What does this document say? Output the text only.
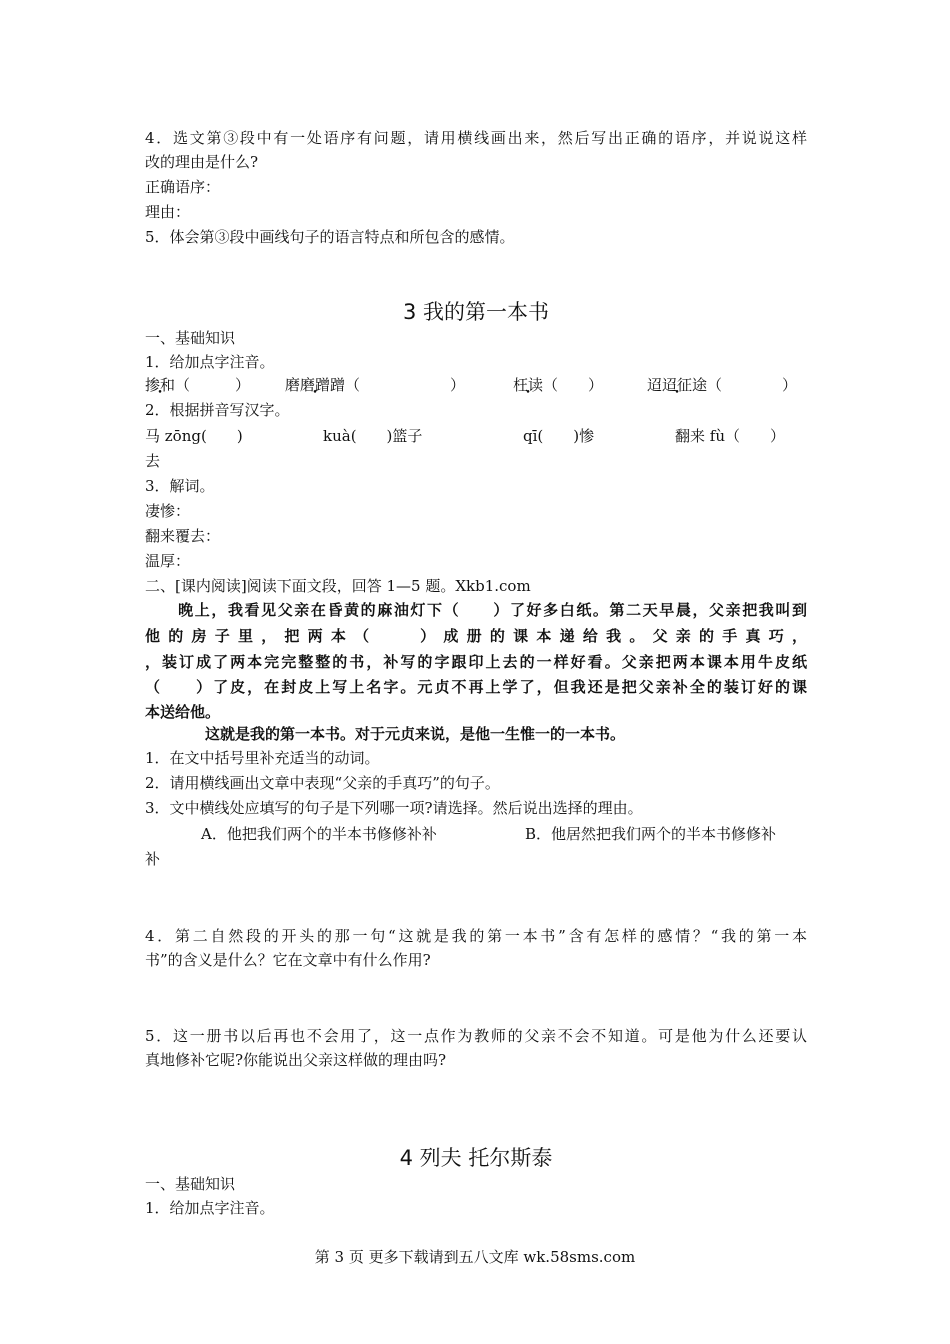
4．选文第③段中有一处语序有问题，请用横线画出来，然后写出正确的语序，并说说这样
改的理由是什么?
正确语序：
理由：
5．体会第③段中画线句子的语言特点和所包含的感情。
3 我的第一本书
一、基础知识
1．给加点字注音。
掺和（　　　） 磨磨蹭蹭（　　　　　　）	枉读（　　）	迢迢征途（　　　　）
2．根据拼音写汉字。
马 zōng(　　)	kuà(　　)篮子	qī(　　)惨	翻来 fù（　　）
去
3．解词。
凄惨：
翻来覆去：
温厚：
二、[课内阅读]阅读下面文段，回答 1—5 题。Xkb1.com
　　晚上，我看见父亲在昏黄的麻油灯下（　　）了好多白纸。第二天早晨，父亲把我叫到
他 的 房 子 里 ， 把 两 本 （　　　） 成 册 的 课 本 递 给 我 。 父 亲 的 手 真 巧 ，
，装订成了两本完完整整的书，补写的字跟印上去的一样好看。父亲把两本课本用牛皮纸
（　　）了皮，在封皮上写上名字。元贞不再上学了，但我还是把父亲补全的装订好的课
本送给他。
　　　　这就是我的第一本书。对于元贞来说，是他一生惟一的一本书。
1．在文中括号里补充适当的动词。
2．请用横线画出文章中表现“父亲的手真巧”的句子。
3．文中横线处应填写的句子是下列哪一项?请选择。然后说出选择的理由。
A．他把我们两个的半本书修修补补	B．他居然把我们两个的半本书修修补
补
4．第二自然段的开头的那一句“这就是我的第一本书”含有怎样的感情？“我的第一本
书”的含义是什么？它在文章中有什么作用?
5．这一册书以后再也不会用了，这一点作为教师的父亲不会不知道。可是他为什么还要认
真地修补它呢?你能说出父亲这样做的理由吗?
4 列夫 托尔斯泰
一、基础知识
1．给加点字注音。
第 3 页 更多下载请到五八文库 wk.58sms.com
